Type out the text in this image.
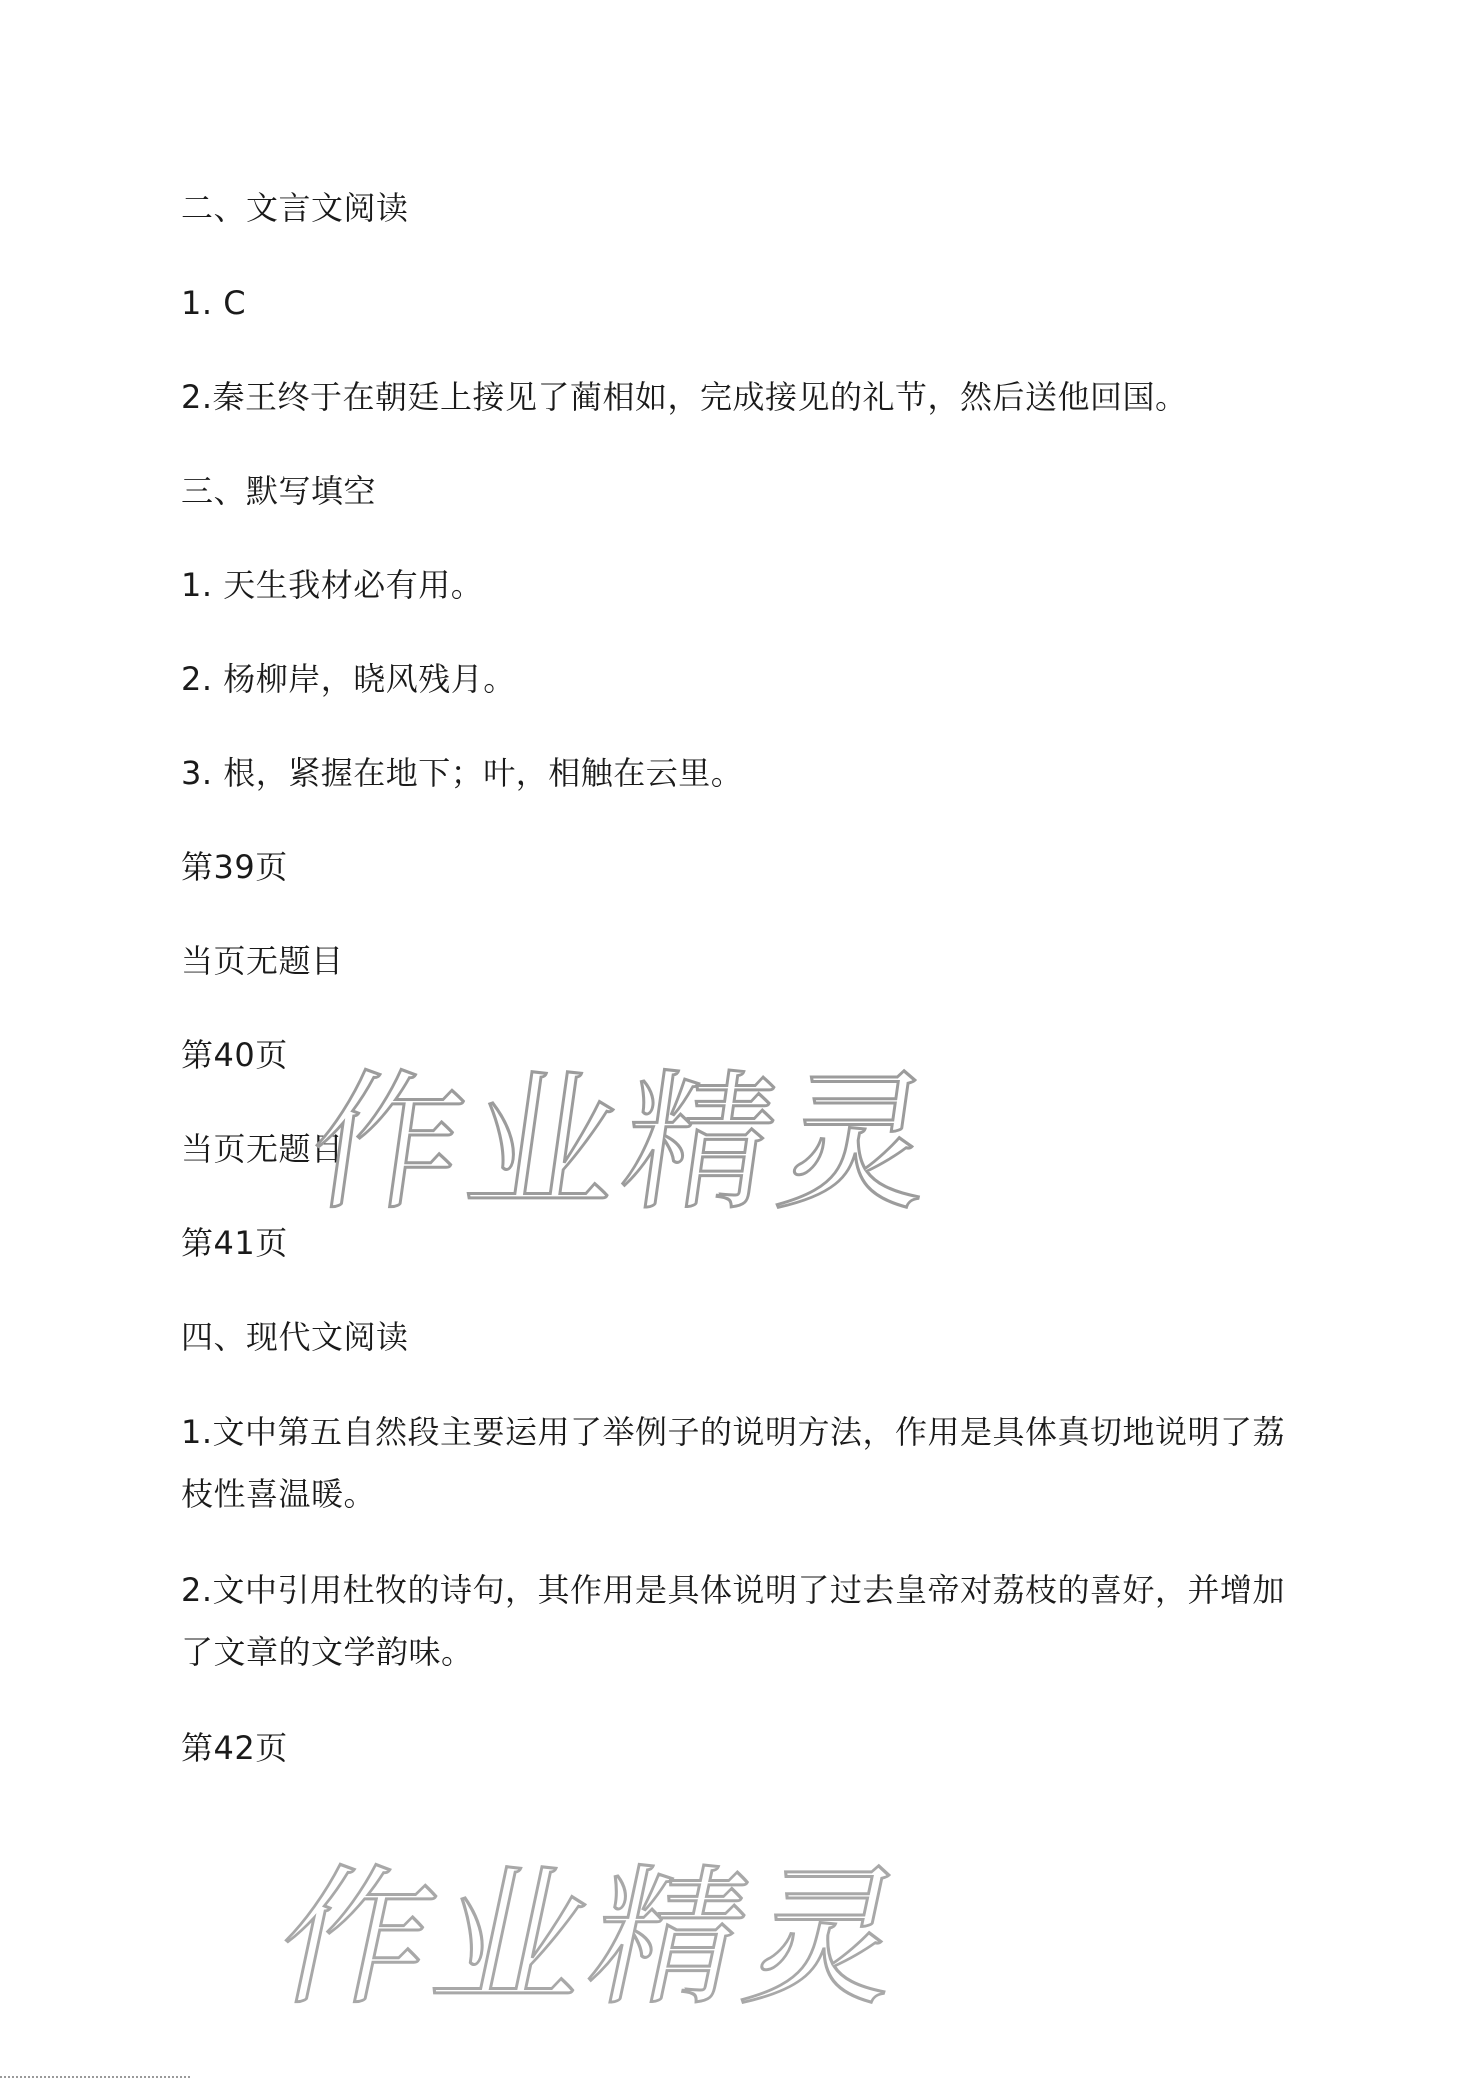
二、文言文阅读
1. C
2.秦王终于在朝廷上接见了蔺相如，完成接见的礼节，然后送他回国。
三、默写填空
1. 天生我材必有用。
2. 杨柳岸，晓风残月。
3. 根，紧握在地下；叶，相触在云里。
第39页
当页无题目
第40页
当页无题目
第41页
四、现代文阅读
1.文中第五自然段主要运用了举例子的说明方法，作用是具体真切地说明了荔枝性喜温暖。
2.文中引用杜牧的诗句，其作用是具体说明了过去皇帝对荔枝的喜好，并增加了文章的文学韵味。
第42页
作业精灵
作业精灵
